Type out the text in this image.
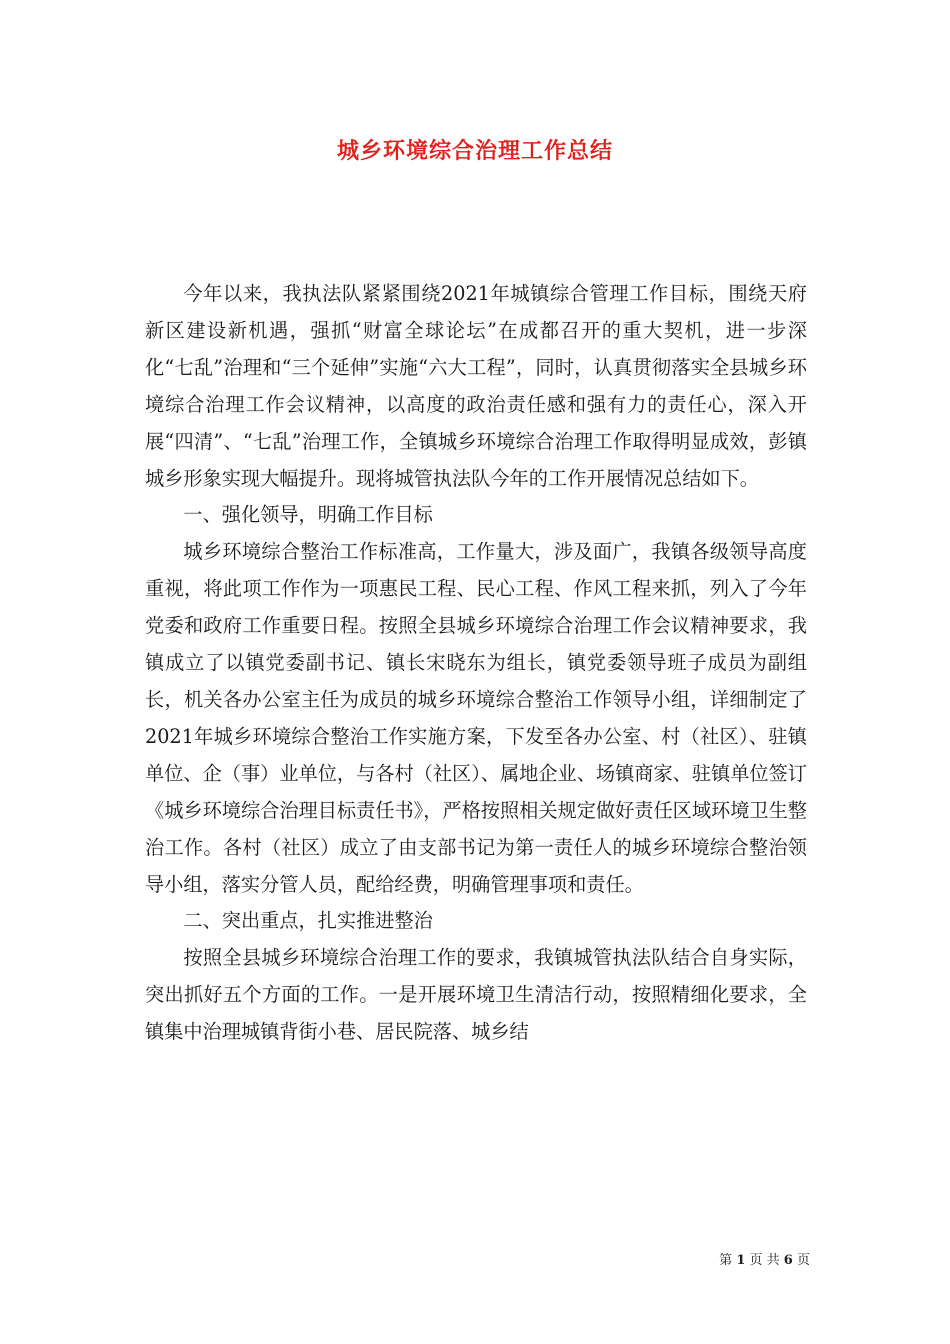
城乡环境综合治理工作总结

今年以来，我执法队紧紧围绕2021年城镇综合管理工作目标，围绕天府新区建设新机遇，强抓“财富全球论坛”在成都召开的重大契机，进一步深化“七乱”治理和“三个延伸”实施“六大工程”，同时，认真贯彻落实全县城乡环境综合治理工作会议精神，以高度的政治责任感和强有力的责任心，深入开展“四清”、“七乱”治理工作，全镇城乡环境综合治理工作取得明显成效，彭镇城乡形象实现大幅提升。现将城管执法队今年的工作开展情况总结如下。

一、强化领导，明确工作目标

城乡环境综合整治工作标准高，工作量大，涉及面广，我镇各级领导高度重视，将此项工作作为一项惠民工程、民心工程、作风工程来抓，列入了今年党委和政府工作重要日程。按照全县城乡环境综合治理工作会议精神要求，我镇成立了以镇党委副书记、镇长宋晓东为组长，镇党委领导班子成员为副组长，机关各办公室主任为成员的城乡环境综合整治工作领导小组，详细制定了2021年城乡环境综合整治工作实施方案，下发至各办公室、村（社区）、驻镇单位、企（事）业单位，与各村（社区）、属地企业、场镇商家、驻镇单位签订《城乡环境综合治理目标责任书》，严格按照相关规定做好责任区域环境卫生整治工作。各村（社区）成立了由支部书记为第一责任人的城乡环境综合整治领导小组，落实分管人员，配给经费，明确管理事项和责任。

二、突出重点，扎实推进整治

按照全县城乡环境综合治理工作的要求，我镇城管执法队结合自身实际，突出抓好五个方面的工作。一是开展环境卫生清洁行动，按照精细化要求，全镇集中治理城镇背街小巷、居民院落、城乡结

第 1 页 共 6 页
